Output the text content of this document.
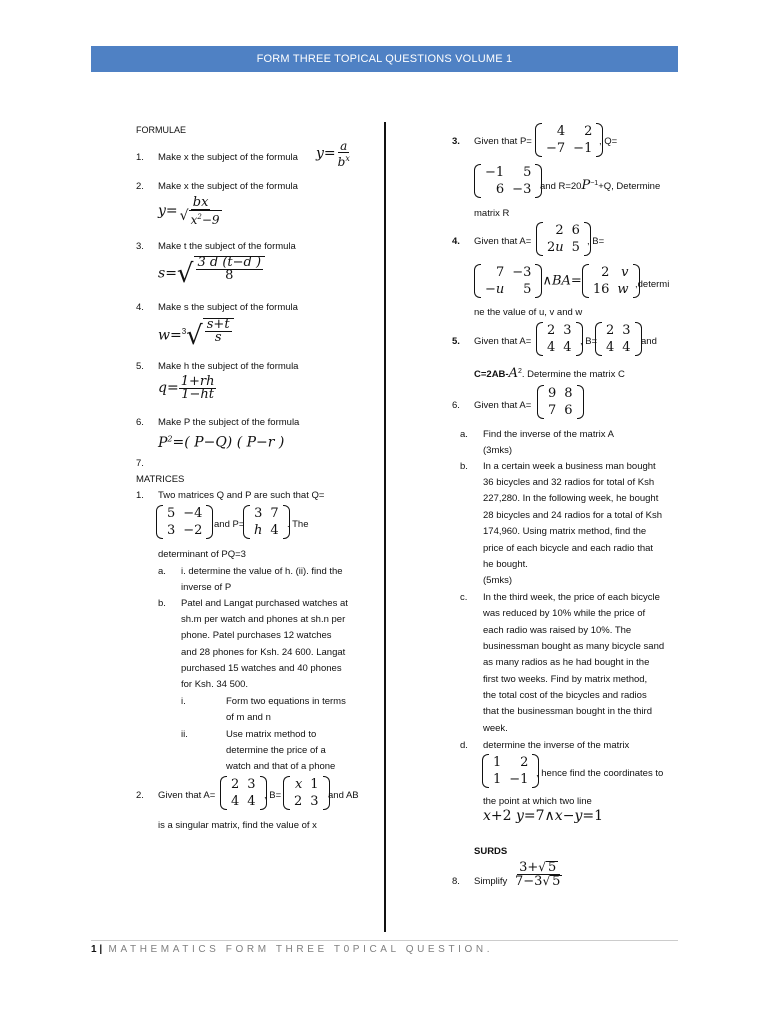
FORM THREE TOPICAL QUESTIONS VOLUME 1
FORMULAE
1. Make x the subject of the formula $y= \frac{a}{b^x}$
2. Make x the subject of the formula
$y= \frac{bx}{√ x^2-9}$
3. Make t the subject of the formula
s= √ $\frac{3 d (t-d )}{8}$
4. Make s the subject of the formula
w=$^3$ √ $\frac{s+t}{s}$
5. Make h the subject of the formula
$q= \frac{1+rh}{1-ht}$
6. Make P the subject of the formula
$P^2=$( P−Q) ( P−r )
7.
MATRICES
1. Two matrices Q and P are such that Q=
5	−4
3	−2 and P=
3	7
h	4 . The
determinant of PQ=3
a. i. determine the value of h. (ii). find the
inverse of P
b. Patel and Langat purchased watches at
sh.m per watch and phones at sh.n per
phone. Patel purchases 12 watches
and 28 phones for Ksh. 24 600. Langat
purchased 15 watches and 40 phones
for Ksh. 34 500.
i.	Form two equations in terms
of m and n
ii.	Use matrix method to
determine the price of a
watch and that of a phone
2. Given that A=
2	3
4	4 , B=
x	1
2	3 and AB
is a singular matrix, find the value of x
3. Given that P=
4	2
−7	−1 , Q=
−1	5
6	−3 and $R=20P^{-1}+Q$, Determine
matrix R
4. Given that A=
2	6
2u	5 , B=
7	−3
−u	5
∧BA=
2	v
16	w ,determi
ne the value of u, v and w
5. Given that A=
2	3
4	4 , B=
2	3
4	4 and
$C=2AB-A^2$. Determine the matrix C
6. Given that A=
9	8
7	6
a. Find the inverse of the matrix A
(3mks)
b. In a certain week a business man bought
36 bicycles and 32 radios for total of Ksh
227,280. In the following week, he bought
28 bicycles and 24 radios for a total of Ksh
174,960. Using matrix method, find the
price of each bicycle and each radio that
he bought.
(5mks)
c. In the third week, the price of each bicycle
was reduced by 10% while the price of
each radio was raised by 10%. The
businessman bought as many bicycle sand
as many radios as he had bought in the
first two weeks. Find by matrix method,
the total cost of the bicycles and radios
that the businessman bought in the third
week.
d. determine the inverse of the matrix
1	2
1	−1 , hence find the coordinates to
the point at which two line
x+2 y=7∧x−y=1
SURDS
8. Simplify $\frac{3+ √ 5}{7-3 √ 5}$
1 | MATHEMATICS FORM THREE T0PICAL QUESTION.
